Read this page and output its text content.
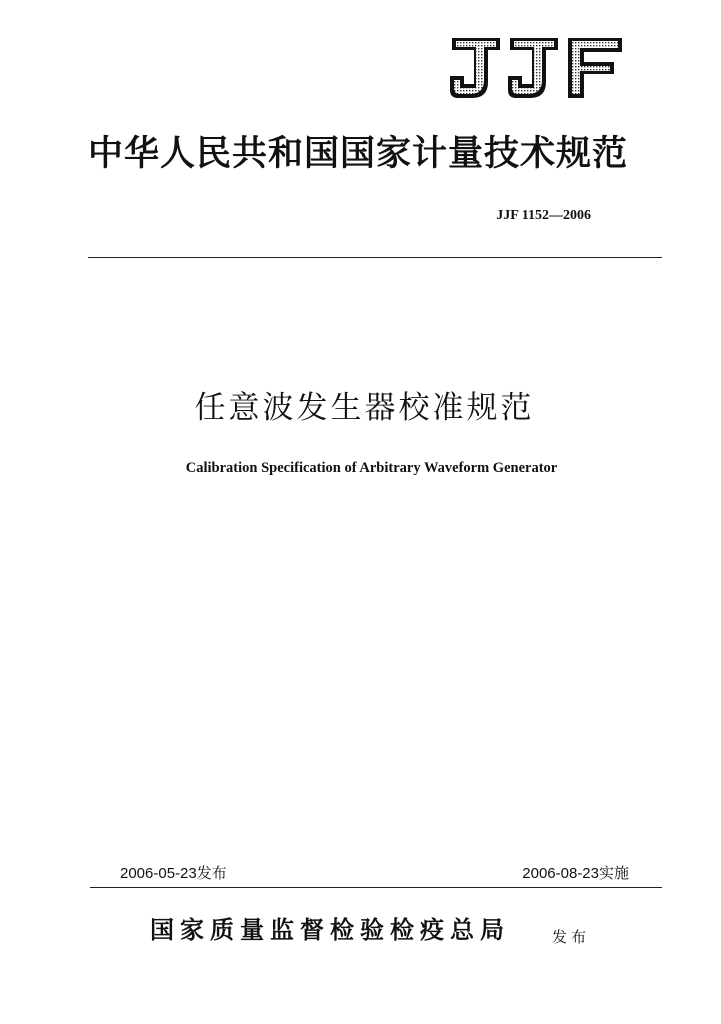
中华人民共和国国家计量技术规范
JJF 1152—2006
任意波发生器校准规范
Calibration Specification of Arbitrary Waveform Generator
2006-05-23发布	2006-08-23实施
国家质量监督检验检疫总局	发布
